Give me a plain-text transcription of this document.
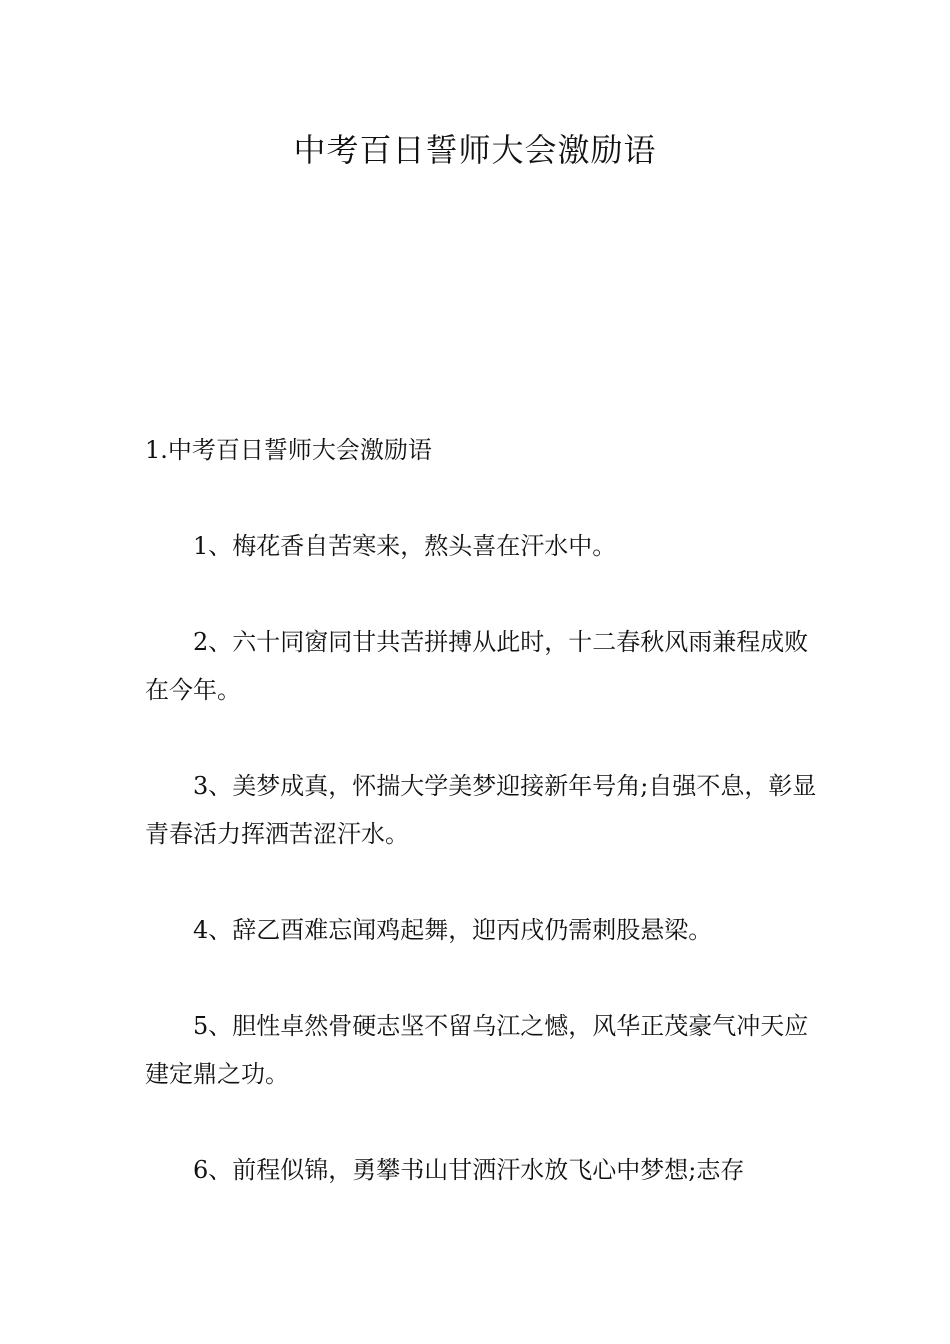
中考百日誓师大会激励语

1.中考百日誓师大会激励语

1、梅花香自苦寒来，熬头喜在汗水中。

2、六十同窗同甘共苦拼搏从此时，十二春秋风雨兼程成败在今年。

3、美梦成真，怀揣大学美梦迎接新年号角;自强不息，彰显青春活力挥洒苦涩汗水。

4、辞乙酉难忘闻鸡起舞，迎丙戌仍需刺股悬梁。

5、胆性卓然骨硬志坚不留乌江之憾，风华正茂豪气冲天应建定鼎之功。

6、前程似锦，勇攀书山甘洒汗水放飞心中梦想;志存
